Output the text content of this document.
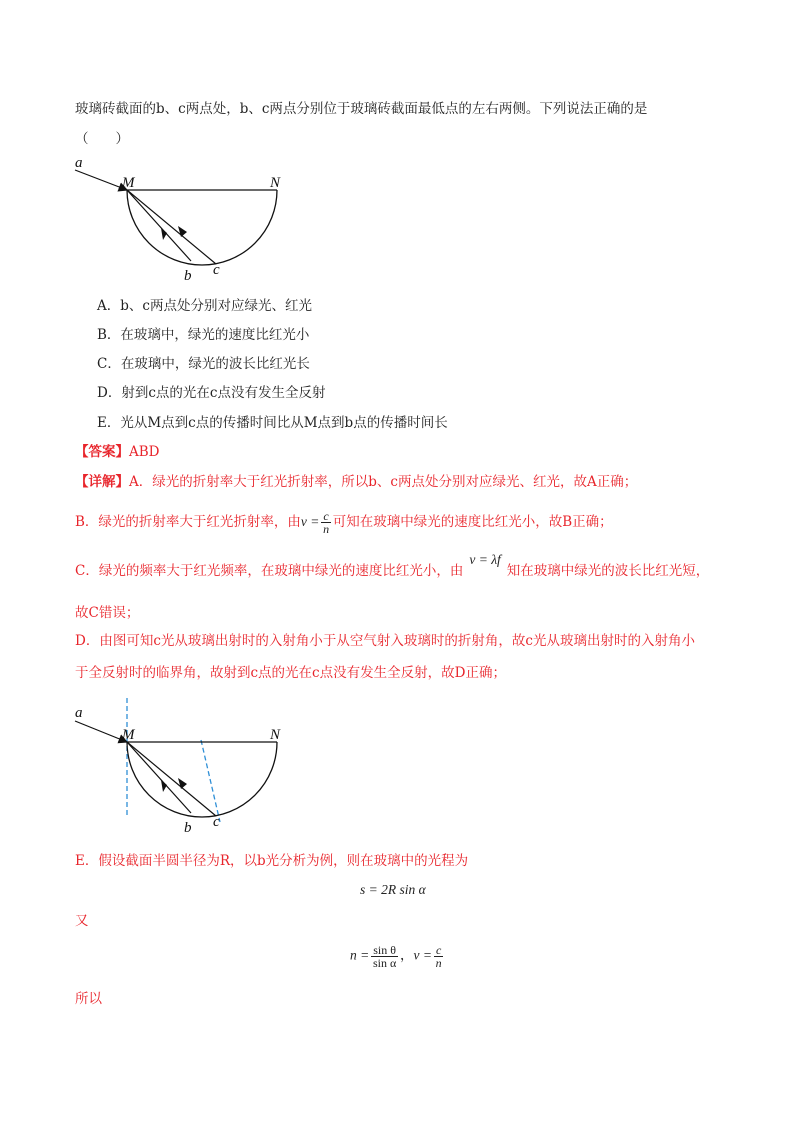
玻璃砖截面的b、c两点处，b、c两点分别位于玻璃砖截面最低点的左右两侧。下列说法正确的是
（　　）
a
M	N
b c
A．b、c两点处分别对应绿光、红光
B．在玻璃中，绿光的速度比红光小
C．在玻璃中，绿光的波长比红光长
D．射到c点的光在c点没有发生全反射
E．光从M点到c点的传播时间比从M点到b点的传播时间长
【答案】ABD
【详解】A．绿光的折射率大于红光折射率，所以b、c两点处分别对应绿光、红光，故A正确；
B．绿光的折射率大于红光折射率，由$v = \frac{c}{n}$ 可知在玻璃中绿光的速度比红光小，故B正确；
C．绿光的频率大于红光频率，在玻璃中绿光的速度比红光小，由v = λf知在玻璃中绿光的波长比红光短，
故C错误；
D．由图可知c光从玻璃出射时的入射角小于从空气射入玻璃时的折射角，故c光从玻璃出射时的入射角小
于全反射时的临界角，故射到c点的光在c点没有发生全反射，故D正确；
a
M	N
b c
E．假设截面半圆半径为R，以b光分析为例，则在玻璃中的光程为
s = 2R sin α
又
$n = \frac{\text{sin θ}}{\text{sin α}}$ ，$v = \frac{c}{n}$
所以
